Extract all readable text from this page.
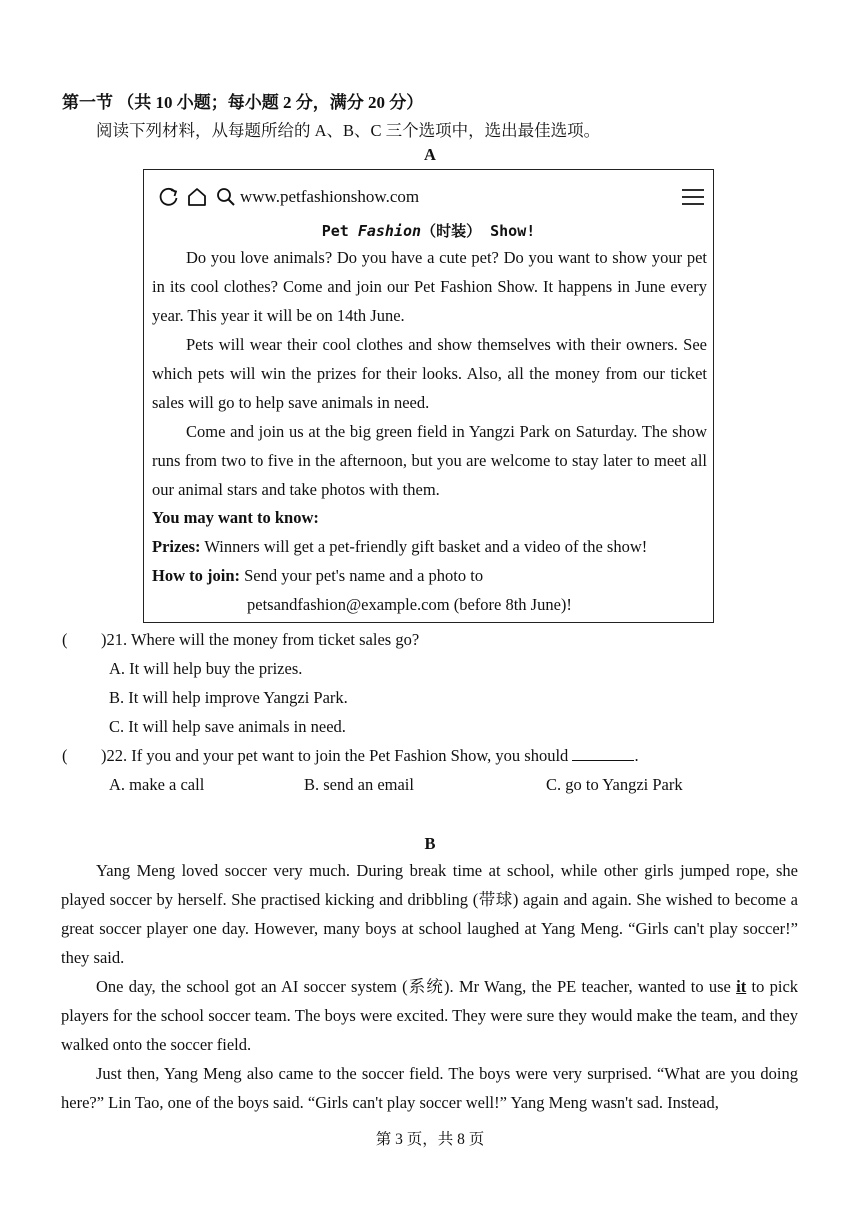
第一节 （共 10 小题；每小题 2 分，满分 20 分）
阅读下列材料，从每题所给的 A、B、C 三个选项中，选出最佳选项。
A
www.petfashionshow.com
Pet Fashion（时装） Show!
Do you love animals? Do you have a cute pet? Do you want to show your pet in its cool clothes? Come and join our Pet Fashion Show. It happens in June every year. This year it will be on 14th June.
Pets will wear their cool clothes and show themselves with their owners. See which pets will win the prizes for their looks. Also, all the money from our ticket sales will go to help save animals in need.
Come and join us at the big green field in Yangzi Park on Saturday. The show runs from two to five in the afternoon, but you are welcome to stay later to meet all our animal stars and take photos with them.
You may want to know:
Prizes: Winners will get a pet-friendly gift basket and a video of the show!
How to join: Send your pet's name and a photo to
petsandfashion@example.com (before 8th June)!
( )21. Where will the money from ticket sales go?
A. It will help buy the prizes.
B. It will help improve Yangzi Park.
C. It will help save animals in need.
( )22. If you and your pet want to join the Pet Fashion Show, you should	.
A. make a call	B. send an email	C. go to Yangzi Park
B

Yang Meng loved soccer very much. During break time at school, while other girls jumped rope, she played soccer by herself. She practised kicking and dribbling (带球) again and again. She wished to become a great soccer player one day. However, many boys at school laughed at Yang Meng. “Girls can't play soccer!” they said.

One day, the school got an AI soccer system (系统). Mr Wang, the PE teacher, wanted to use it to pick players for the school soccer team. The boys were excited. They were sure they would make the team, and they walked onto the soccer field.

Just then, Yang Meng also came to the soccer field. The boys were very surprised. “What are you doing here?” Lin Tao, one of the boys said. “Girls can't play soccer well!” Yang Meng wasn't sad. Instead,

第 3 页，共 8 页
